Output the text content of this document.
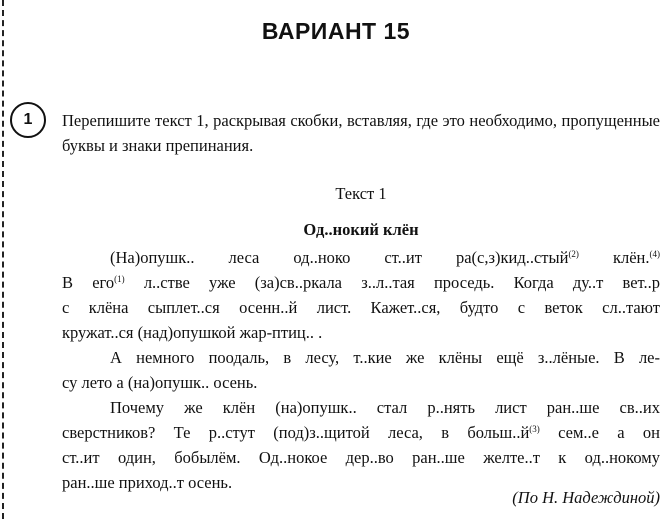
ВАРИАНТ 15
1	Перепишите текст 1, раскрывая скобки, вставляя, где это необходимо, пропущенные буквы и знаки препинания.
Текст 1
Од..нокий клён
(На)опушк.. леса од..ноко ст..ит ра(с,з)кид..стый$^{(2)}$ клён.$^{(4)}$
В его$^{(1)}$ л..стве уже (за)св..ркала з..л..тая проседь. Когда ду..т вет..р
с клёна сыплет..ся осенн..й лист. Кажет..ся, будто с веток сл..тают
кружат..ся (над)опушкой жар-птиц.. .
А немного поодаль, в лесу, т..кие же клёны ещё з..лёные. В ле-
су лето а (на)опушк.. осень.
Почему же клён (на)опушк.. стал р..нять лист ран..ше св..их
сверстников? Те р..стут (под)з..щитой леса, в $больш..й^{(3)}$ сем..е а он
ст..ит один, бобылём. Од..нокое дер..во ран..ше желте..т к од..нокому
ран..ше приход..т осень.
(По Н. Надеждиной)
